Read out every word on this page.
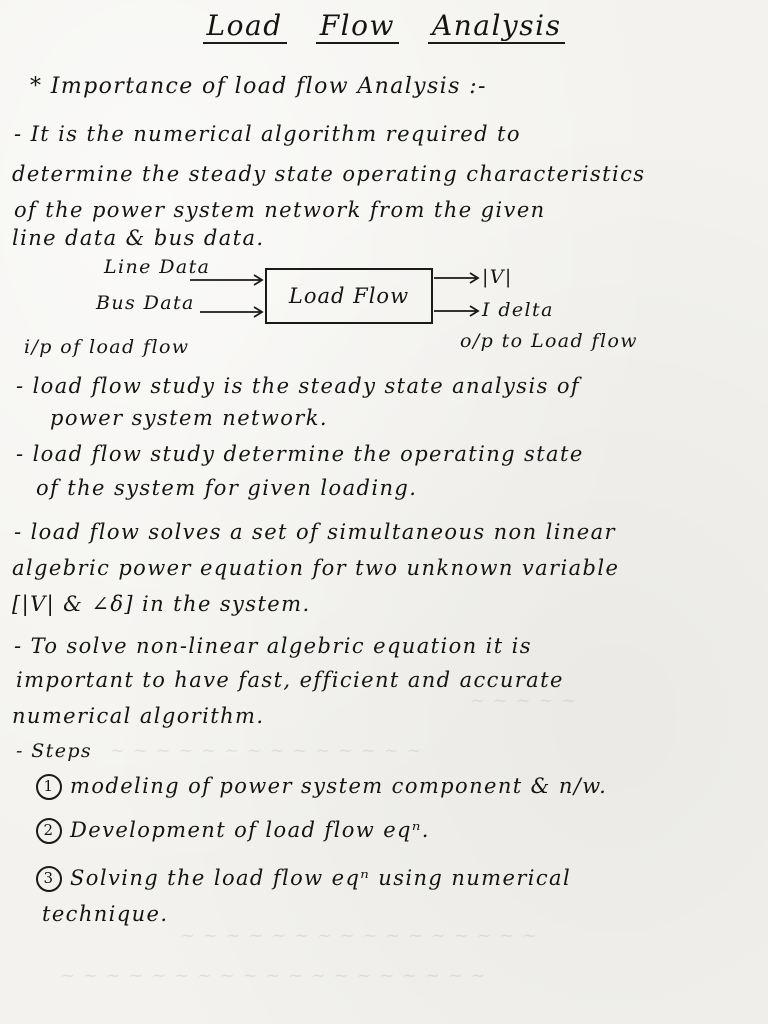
~ ~ ~ ~ ~
~ ~ ~ ~ ~ ~ ~ ~ ~ ~ ~ ~ ~ ~
~ ~ ~ ~ ~ ~ ~ ~ ~ ~ ~ ~ ~ ~ ~ ~
~ ~ ~ ~ ~ ~ ~ ~ ~ ~ ~ ~ ~ ~ ~ ~ ~ ~ ~
Load Flow Analysis
* Importance of load flow Analysis :-
- It is the numerical algorithm required to
determine the steady state operating characteristics
of the power system network from the given
line data & bus data.
Line Data
Bus Data	Load Flow
|V|
I delta
i/p of load flow	o/p to Load flow
- load flow study is the steady state analysis of
power system network.
- load flow study determine the operating state
of the system for given loading.
- load flow solves a set of simultaneous non linear
algebric power equation for two unknown variable
[|V| & ∠δ] in the system.
- To solve non-linear algebric equation it is
important to have fast, efficient and accurate
numerical algorithm.
- Steps
1 modeling of power system component & n/w.
2 Development of load flow eqⁿ.
3 Solving the load flow eqⁿ using numerical
technique.
